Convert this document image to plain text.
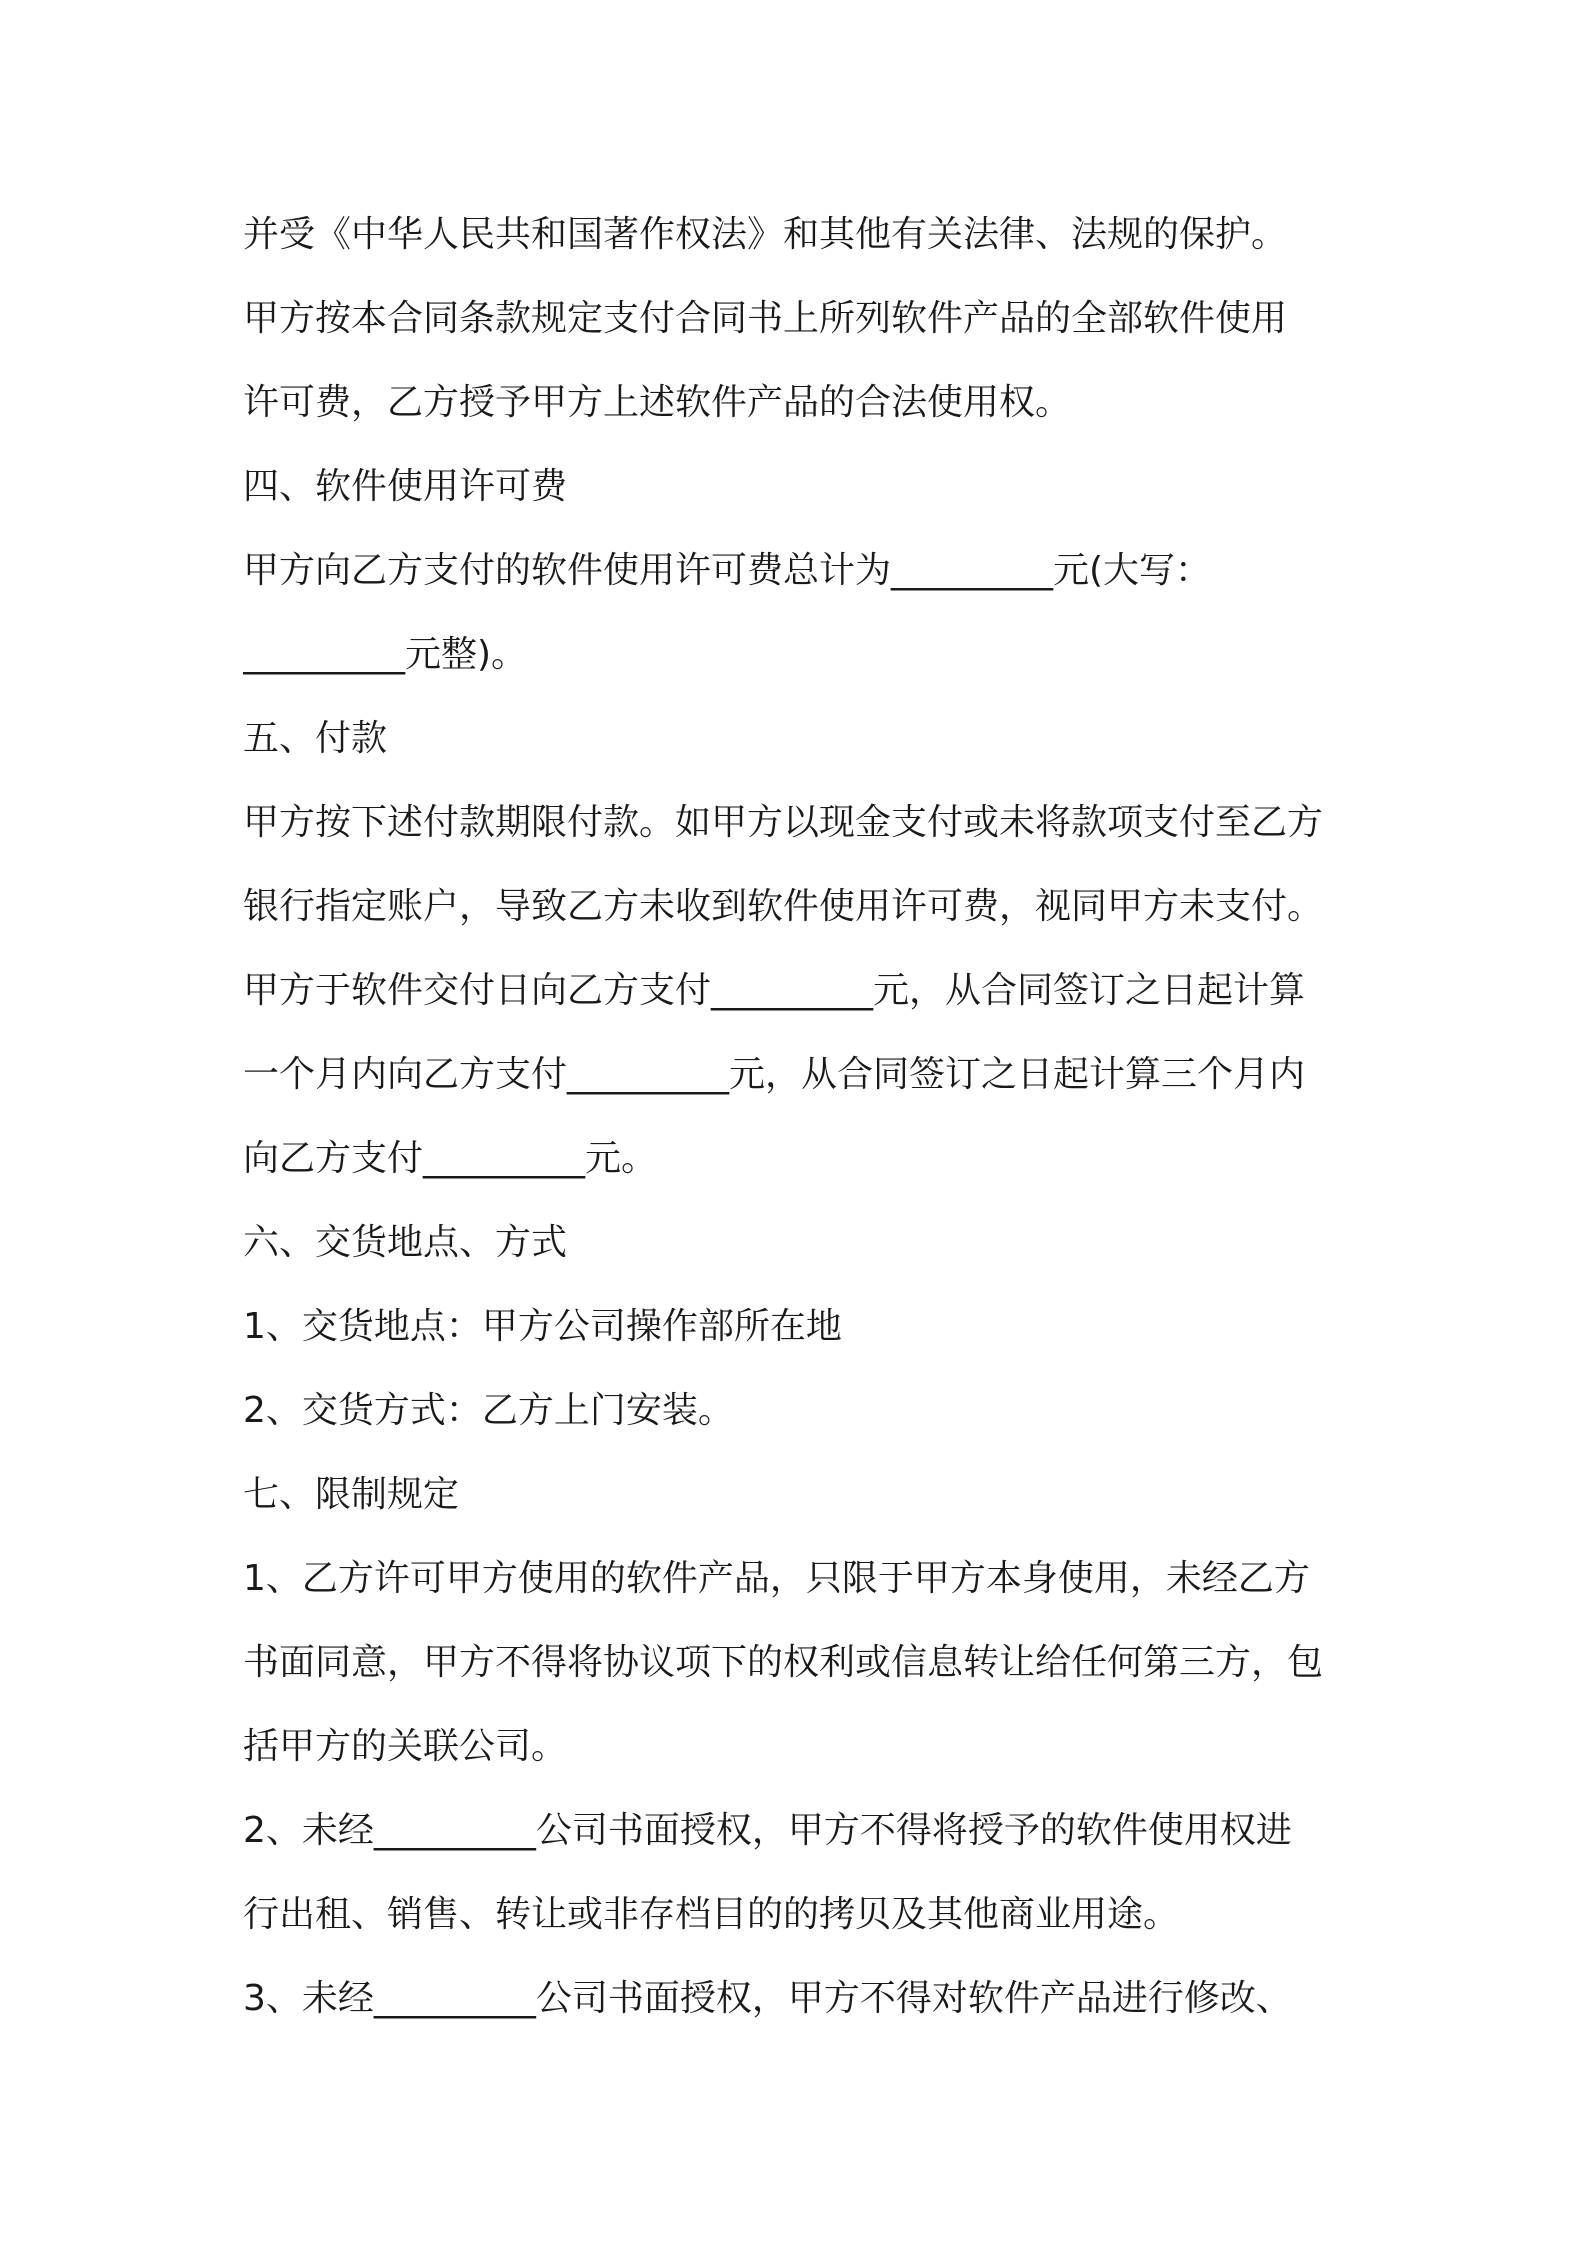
并受《中华人民共和国著作权法》和其他有关法律、法规的保护。
甲方按本合同条款规定支付合同书上所列软件产品的全部软件使用
许可费，乙方授予甲方上述软件产品的合法使用权。
四、软件使用许可费
甲方向乙方支付的软件使用许可费总计为_________元(大写：
_________元整)。
五、付款
甲方按下述付款期限付款。如甲方以现金支付或未将款项支付至乙方
银行指定账户，导致乙方未收到软件使用许可费，视同甲方未支付。
甲方于软件交付日向乙方支付_________元，从合同签订之日起计算
一个月内向乙方支付_________元，从合同签订之日起计算三个月内
向乙方支付_________元。
六、交货地点、方式
1、交货地点：甲方公司操作部所在地
2、交货方式：乙方上门安装。
七、限制规定
1、乙方许可甲方使用的软件产品，只限于甲方本身使用，未经乙方
书面同意，甲方不得将协议项下的权利或信息转让给任何第三方，包
括甲方的关联公司。
2、未经_________公司书面授权，甲方不得将授予的软件使用权进
行出租、销售、转让或非存档目的的拷贝及其他商业用途。
3、未经_________公司书面授权，甲方不得对软件产品进行修改、
